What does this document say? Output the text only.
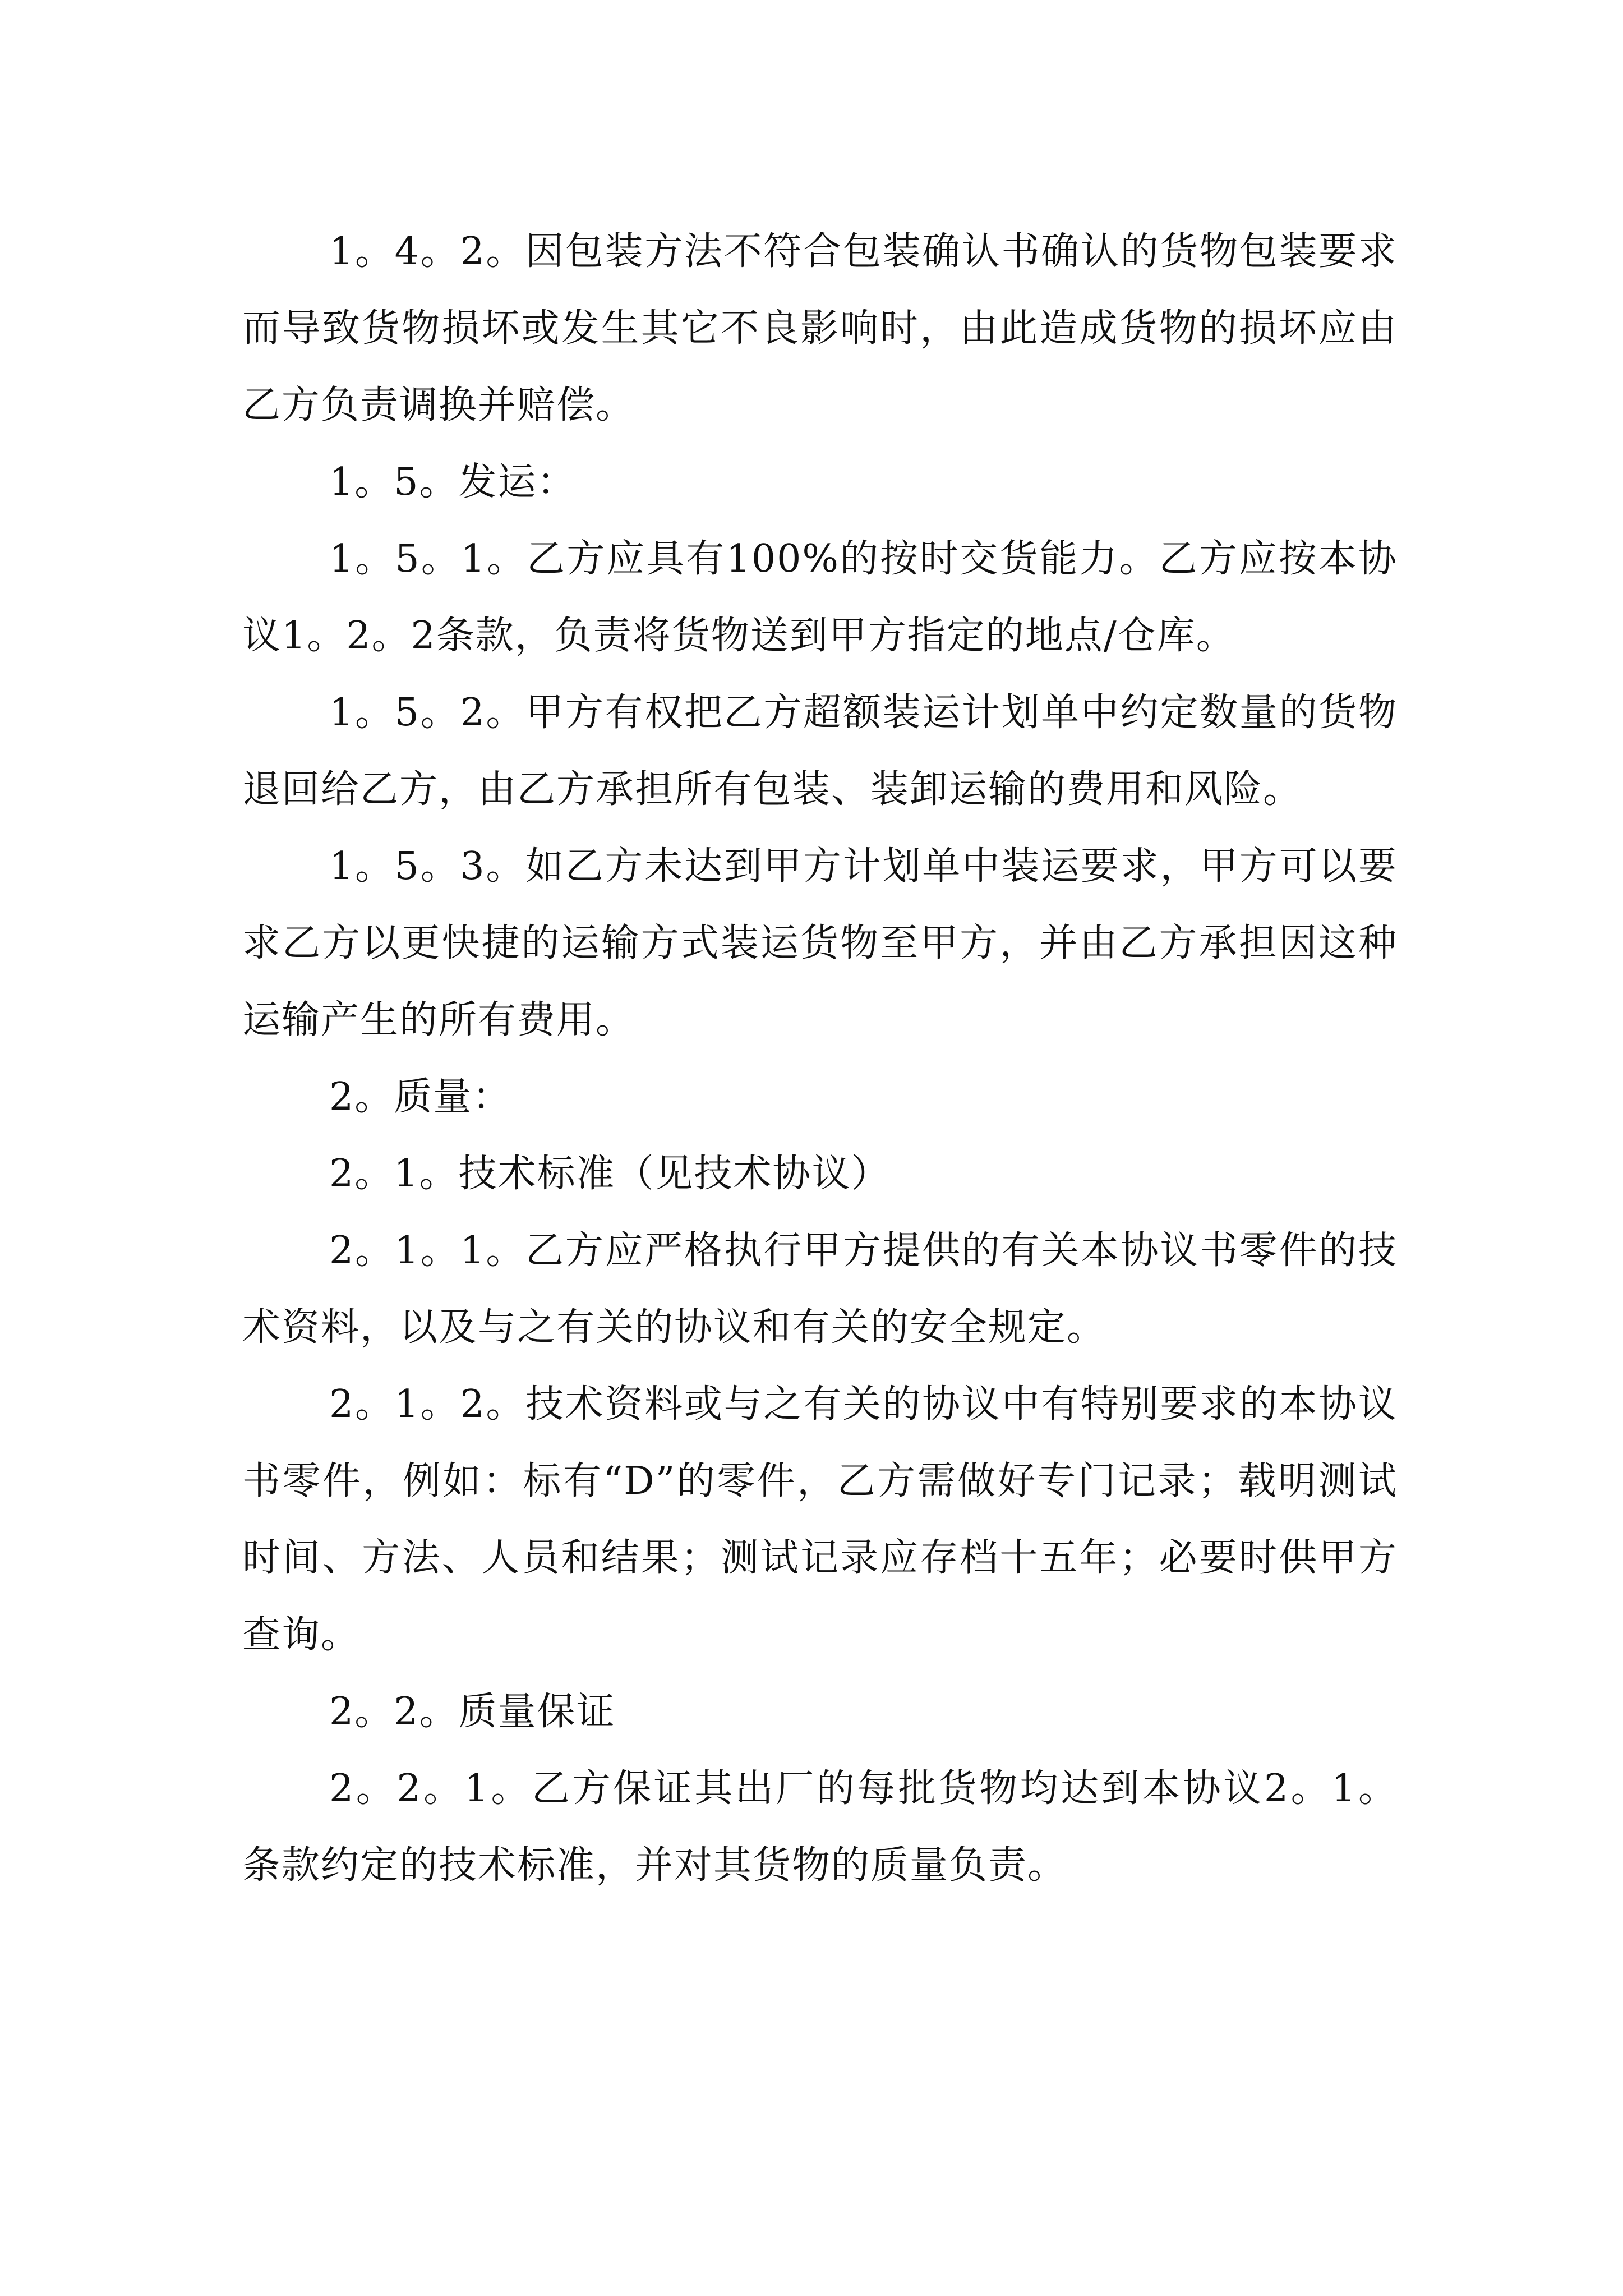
1。4。2。因包装方法不符合包装确认书确认的货物包装要求而导致货物损坏或发生其它不良影响时，由此造成货物的损坏应由乙方负责调换并赔偿。

1。5。发运：

1。5。1。乙方应具有100%的按时交货能力。乙方应按本协议1。2。2条款，负责将货物送到甲方指定的地点/仓库。

1。5。2。甲方有权把乙方超额装运计划单中约定数量的货物退回给乙方，由乙方承担所有包装、装卸运输的费用和风险。

1。5。3。如乙方未达到甲方计划单中装运要求，甲方可以要求乙方以更快捷的运输方式装运货物至甲方，并由乙方承担因这种运输产生的所有费用。

2。质量：

2。1。技术标准（见技术协议）

2。1。1。乙方应严格执行甲方提供的有关本协议书零件的技术资料，以及与之有关的协议和有关的安全规定。

2。1。2。技术资料或与之有关的协议中有特别要求的本协议书零件，例如：标有“D”的零件，乙方需做好专门记录；载明测试时间、方法、人员和结果；测试记录应存档十五年；必要时供甲方查询。

2。2。质量保证

2。2。1。乙方保证其出厂的每批货物均达到本协议2。1。条款约定的技术标准，并对其货物的质量负责。
